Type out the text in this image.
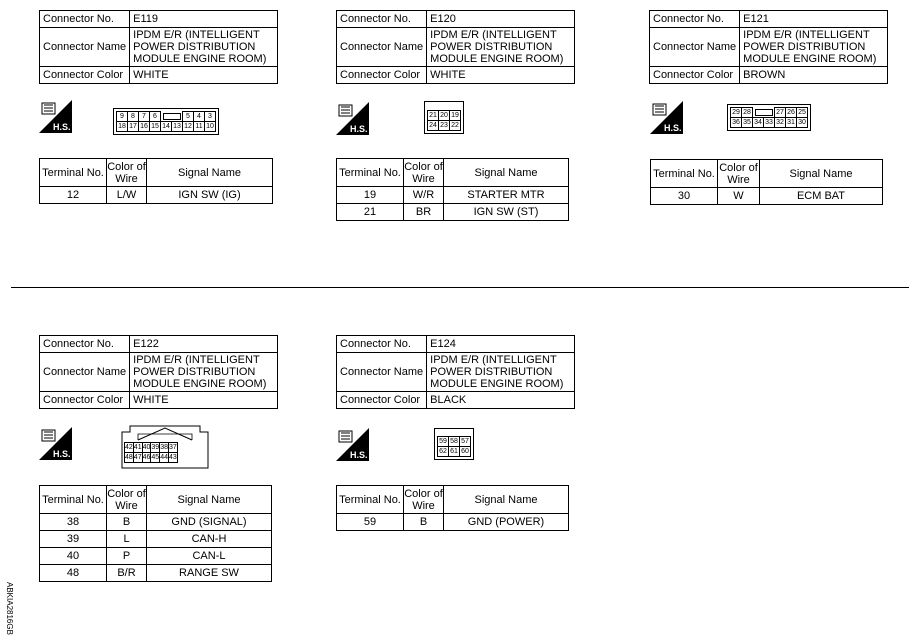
Connector No.	E119
Connector Name	IPDM E/R (INTELLIGENT POWER DISTRIBUTION MODULE ENGINE ROOM)
Connector Color	WHITE
H.S.
9	8	7	6			5	4	3
18	17	16	15	14	13	12	11	10
Terminal No.	Color of Wire	Signal Name
12	L/W	IGN SW (IG)
Connector No.	E120
Connector Name	IPDM E/R (INTELLIGENT POWER DISTRIBUTION MODULE ENGINE ROOM)
Connector Color	WHITE
H.S.
21	20	19
24	23	22
Terminal No.	Color of Wire	Signal Name
19	W/R	STARTER MTR
21	BR	IGN SW (ST)
Connector No.	E121
Connector Name	IPDM E/R (INTELLIGENT POWER DISTRIBUTION MODULE ENGINE ROOM)
Connector Color	BROWN
H.S.
29	28			27	26	25
36	35	34	33	32	31	30
Terminal No.	Color of Wire	Signal Name
30	W	ECM BAT
Connector No.	E122
Connector Name	IPDM E/R (INTELLIGENT POWER DISTRIBUTION MODULE ENGINE ROOM)
Connector Color	WHITE
H.S.
42	41	40	39	38	37
48	47	46	45	44	43
Terminal No.	Color of Wire	Signal Name
38	B	GND (SIGNAL)
39	L	CAN-H
40	P	CAN-L
48	B/R	RANGE SW
Connector No.	E124
Connector Name	IPDM E/R (INTELLIGENT POWER DISTRIBUTION MODULE ENGINE ROOM)
Connector Color	BLACK
H.S.
59	58	57
62	61	60
Terminal No.	Color of Wire	Signal Name
59	B	GND (POWER)
ABKIA2816GB
